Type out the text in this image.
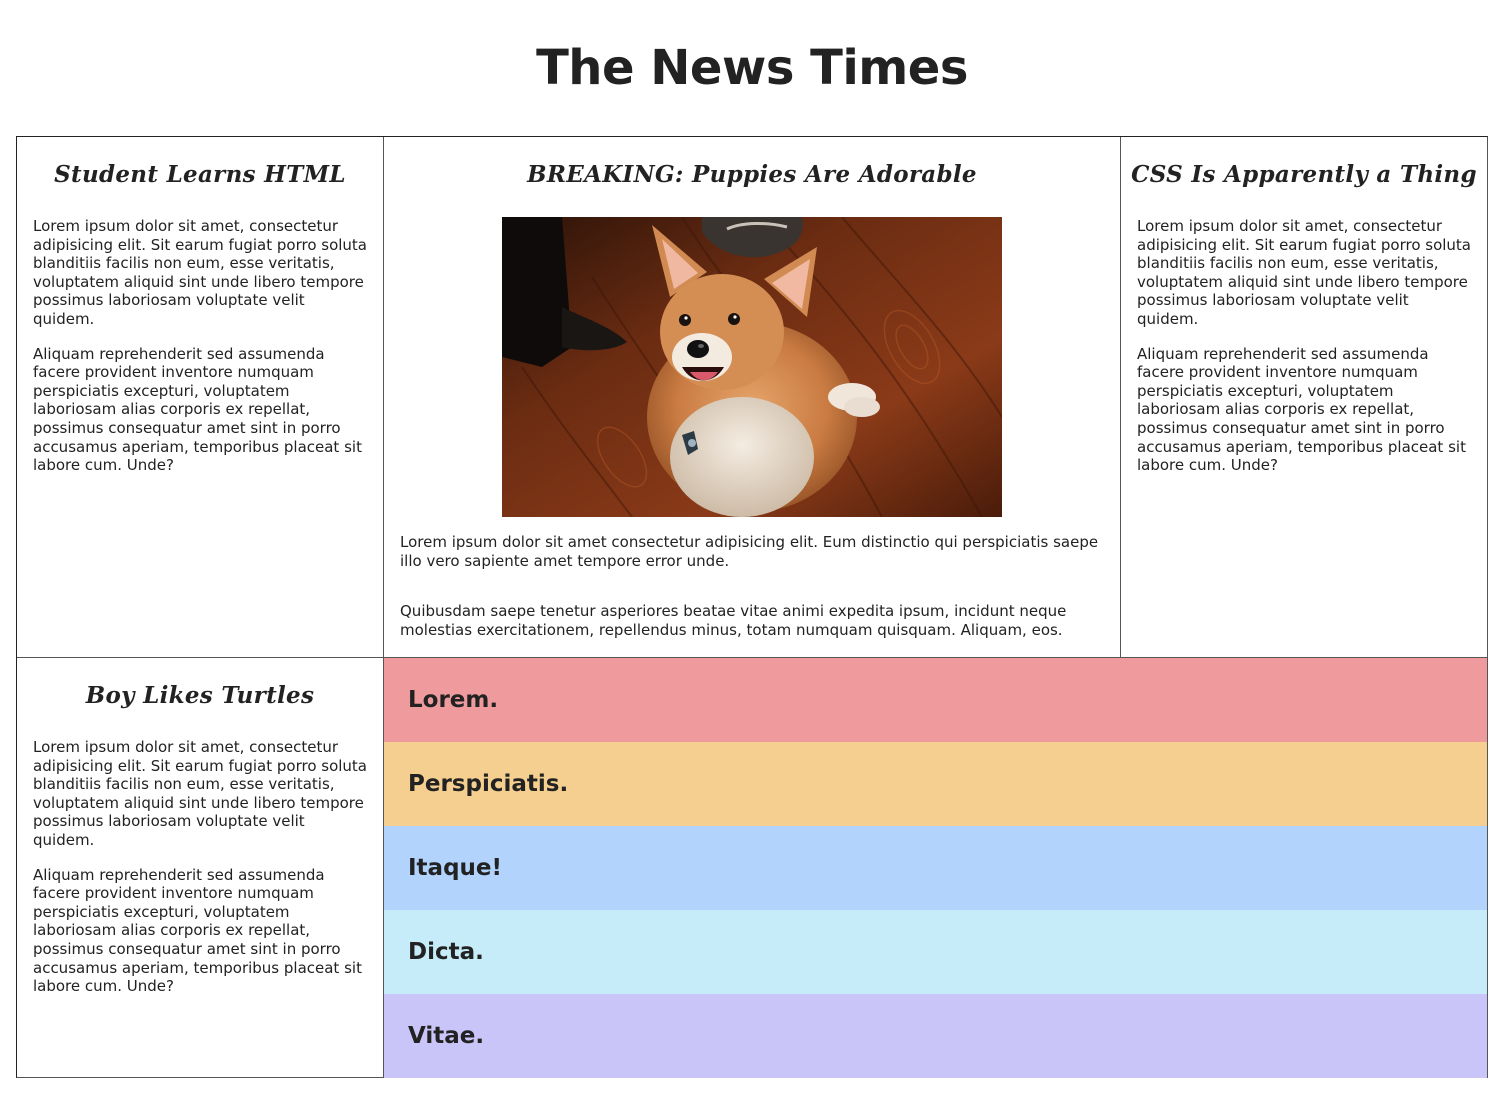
The News Times
Student Learns HTML

Lorem ipsum dolor sit amet, consectetur adipisicing elit. Sit earum fugiat porro soluta blanditiis facilis non eum, esse veritatis, voluptatem aliquid sint unde libero tempore possimus laboriosam voluptate velit quidem.

Aliquam reprehenderit sed assumenda facere provident inventore numquam perspiciatis excepturi, voluptatem laboriosam alias corporis ex repellat, possimus consequatur amet sint in porro accusamus aperiam, temporibus placeat sit labore cum. Unde?

BREAKING: Puppies Are Adorable

Lorem ipsum dolor sit amet consectetur adipisicing elit. Eum distinctio qui perspiciatis saepe illo vero sapiente amet tempore error unde.

Quibusdam saepe tenetur asperiores beatae vitae animi expedita ipsum, incidunt neque molestias exercitationem, repellendus minus, totam numquam quisquam. Aliquam, eos.

CSS Is Apparently a Thing

Lorem ipsum dolor sit amet, consectetur adipisicing elit. Sit earum fugiat porro soluta blanditiis facilis non eum, esse veritatis, voluptatem aliquid sint unde libero tempore possimus laboriosam voluptate velit quidem.

Aliquam reprehenderit sed assumenda facere provident inventore numquam perspiciatis excepturi, voluptatem laboriosam alias corporis ex repellat, possimus consequatur amet sint in porro accusamus aperiam, temporibus placeat sit labore cum. Unde?

Boy Likes Turtles

Lorem ipsum dolor sit amet, consectetur adipisicing elit. Sit earum fugiat porro soluta blanditiis facilis non eum, esse veritatis, voluptatem aliquid sint unde libero tempore possimus laboriosam voluptate velit quidem.

Aliquam reprehenderit sed assumenda facere provident inventore numquam perspiciatis excepturi, voluptatem laboriosam alias corporis ex repellat, possimus consequatur amet sint in porro accusamus aperiam, temporibus placeat sit labore cum. Unde?

Lorem.
Perspiciatis.
Itaque!
Dicta.
Vitae.
